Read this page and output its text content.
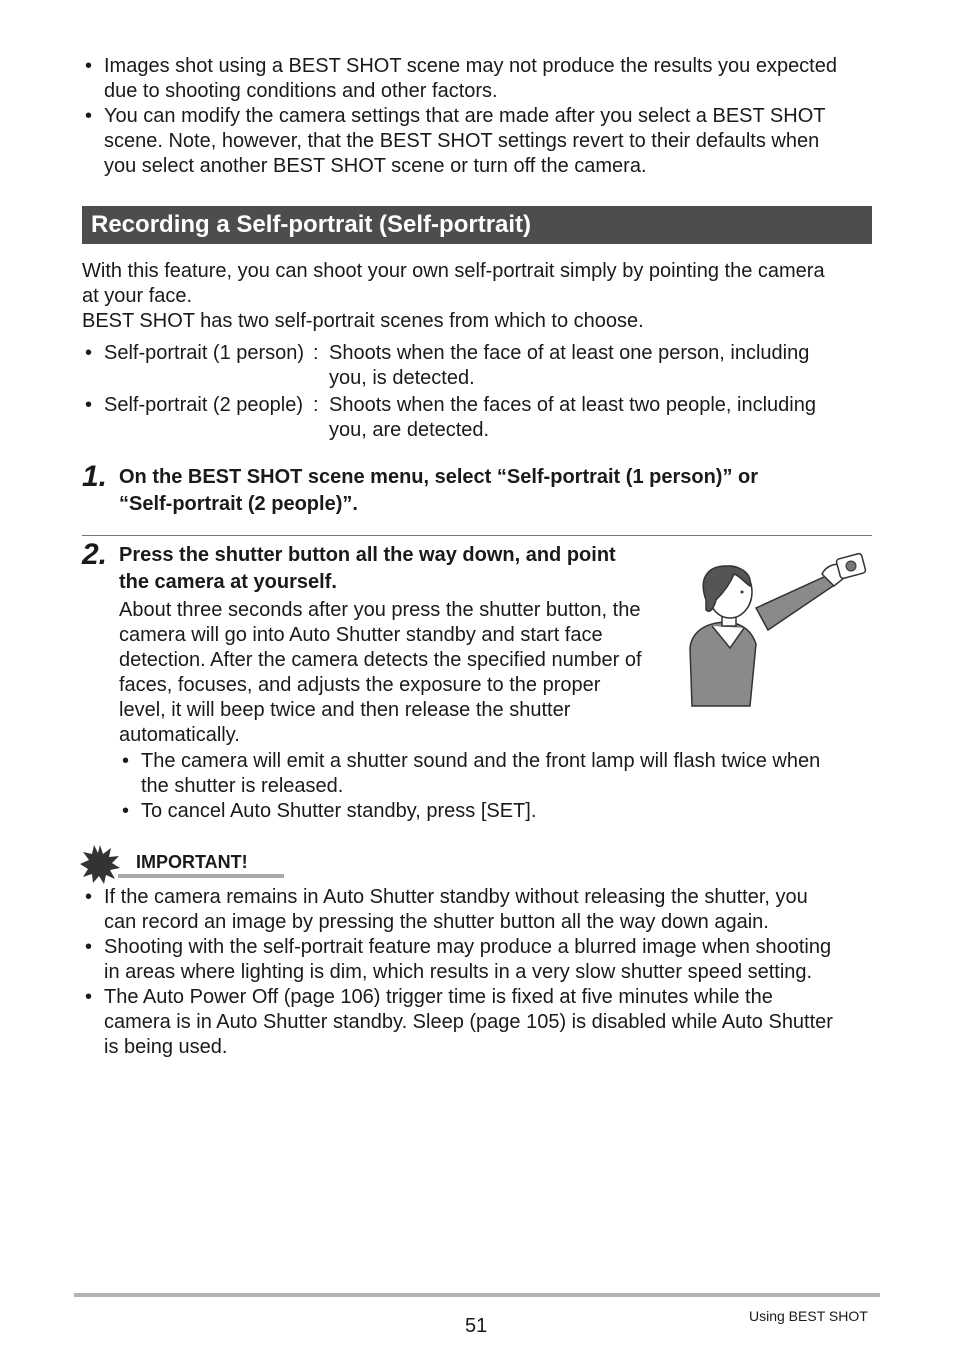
• Images shot using a BEST SHOT scene may not produce the results you expected
due to shooting conditions and other factors.
• You can modify the camera settings that are made after you select a BEST SHOT
scene. Note, however, that the BEST SHOT settings revert to their defaults when
you select another BEST SHOT scene or turn off the camera.
Recording a Self-portrait (Self-portrait)
With this feature, you can shoot your own self-portrait simply by pointing the camera
at your face.
BEST SHOT has two self-portrait scenes from which to choose.
• Self-portrait (1 person) : Shoots when the face of at least one person, including
you, is detected.
• Self-portrait (2 people) : Shoots when the faces of at least two people, including
you, are detected.
1. On the BEST SHOT scene menu, select “Self-portrait (1 person)” or
“Self-portrait (2 people)”.
2. Press the shutter button all the way down, and point
the camera at yourself.
About three seconds after you press the shutter button, the
camera will go into Auto Shutter standby and start face
detection. After the camera detects the specified number of
faces, focuses, and adjusts the exposure to the proper
level, it will beep twice and then release the shutter
automatically.
• The camera will emit a shutter sound and the front lamp will flash twice when
the shutter is released.
• To cancel Auto Shutter standby, press [SET].
IMPORTANT!
• If the camera remains in Auto Shutter standby without releasing the shutter, you
can record an image by pressing the shutter button all the way down again.
• Shooting with the self-portrait feature may produce a blurred image when shooting
in areas where lighting is dim, which results in a very slow shutter speed setting.
• The Auto Power Off (page 106) trigger time is fixed at five minutes while the
camera is in Auto Shutter standby. Sleep (page 105) is disabled while Auto Shutter
is being used.
51	Using BEST SHOT
